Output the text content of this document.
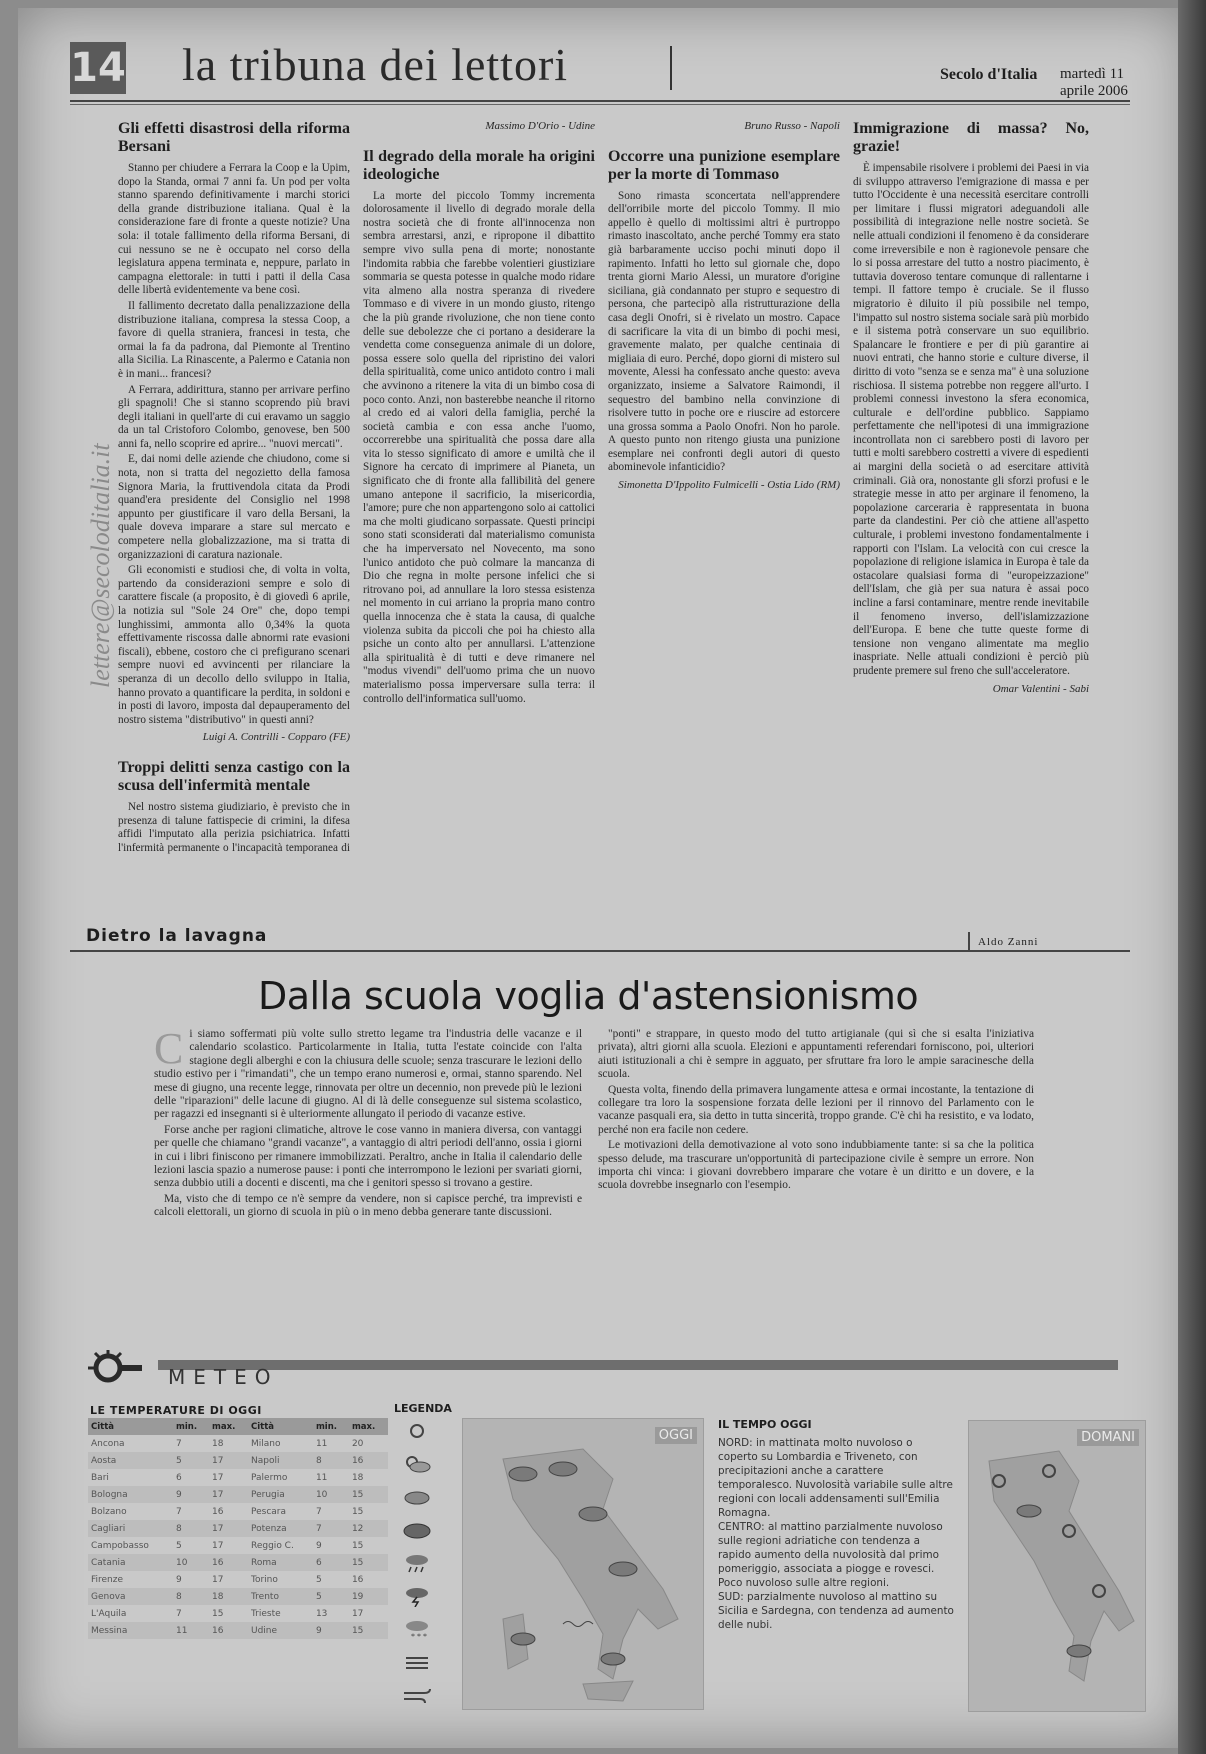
14 la tribuna dei lettori	Secolo d'Italia martedì 11 aprile 2006
lettere@secoloditalia.it
Gli effetti disastrosi della riforma Bersani

Stanno per chiudere a Ferrara la Coop e la Upim, dopo la Standa, ormai 7 anni fa. Un pod per volta stanno sparendo definitivamente i marchi storici della grande distribuzione italiana. Qual è la considerazione fare di fronte a queste notizie? Una sola: il totale fallimento della riforma Bersani, di cui nessuno se ne è occupato nel corso della legislatura appena terminata e, neppure, parlato in campagna elettorale: in tutti i patti il della Casa delle libertà evidentemente va bene così.

Il fallimento decretato dalla penalizzazione della distribuzione italiana, compresa la stessa Coop, a favore di quella straniera, francesi in testa, che ormai la fa da padrona, dal Piemonte al Trentino alla Sicilia. La Rinascente, a Palermo e Catania non è in mani... francesi?

A Ferrara, addirittura, stanno per arrivare perfino gli spagnoli! Che si stanno scoprendo più bravi degli italiani in quell'arte di cui eravamo un saggio da un tal Cristoforo Colombo, genovese, ben 500 anni fa, nello scoprire ed aprire... "nuovi mercati".

E, dai nomi delle aziende che chiudono, come si nota, non si tratta del negozietto della famosa Signora Maria, la fruttivendola citata da Prodi quand'era presidente del Consiglio nel 1998 appunto per giustificare il varo della Bersani, la quale doveva imparare a stare sul mercato e competere nella globalizzazione, ma si tratta di organizzazioni di caratura nazionale.

Gli economisti e studiosi che, di volta in volta, partendo da considerazioni sempre e solo di carattere fiscale (a proposito, è di giovedì 6 aprile, la notizia sul "Sole 24 Ore" che, dopo tempi lunghissimi, ammonta allo 0,34% la quota effettivamente riscossa dalle abnormi rate evasioni fiscali), ebbene, costoro che ci prefigurano scenari sempre nuovi ed avvincenti per rilanciare la speranza di un decollo dello sviluppo in Italia, hanno provato a quantificare la perdita, in soldoni e in posti di lavoro, imposta dal depauperamento del nostro sistema "distributivo" in questi anni?

Luigi A. Contrilli - Copparo (FE)
Troppi delitti senza castigo con la scusa dell'infermità mentale

Nel nostro sistema giudiziario, è previsto che in presenza di talune fattispecie di crimini, la difesa affidi l'imputato alla perizia psichiatrica. Infatti l'infermità permanente o l'incapacità temporanea di

Massimo D'Orio - Udine
Il degrado della morale ha origini ideologiche

La morte del piccolo Tommy incrementa dolorosamente il livello di degrado morale della nostra società che di fronte all'innocenza non sembra arrestarsi, anzi, e ripropone il dibattito sempre vivo sulla pena di morte; nonostante l'indomita rabbia che farebbe volentieri giustiziare sommaria se questa potesse in qualche modo ridare vita almeno alla nostra speranza di rivedere Tommaso e di vivere in un mondo giusto, ritengo che la più grande rivoluzione, che non tiene conto delle sue debolezze che ci portano a desiderare la vendetta come conseguenza animale di un dolore, possa essere solo quella del ripristino dei valori della spiritualità, come unico antidoto contro i mali che avvinono a ritenere la vita di un bimbo cosa di poco conto. Anzi, non basterebbe neanche il ritorno al credo ed ai valori della famiglia, perché la società cambia e con essa anche l'uomo, occorrerebbe una spiritualità che possa dare alla vita lo stesso significato di amore e umiltà che il Signore ha cercato di imprimere al Pianeta, un significato che di fronte alla fallibilità del genere umano antepone il sacrificio, la misericordia, l'amore; pure che non appartengono solo ai cattolici ma che molti giudicano sorpassate. Questi principi sono stati sconsiderati dal materialismo comunista che ha imperversato nel Novecento, ma sono l'unico antidoto che può colmare la mancanza di Dio che regna in molte persone infelici che si ritrovano poi, ad annullare la loro stessa esistenza nel momento in cui arriano la propria mano contro quella innocenza che è stata la causa, di qualche violenza subita da piccoli che poi ha chiesto alla psiche un conto alto per annullarsi. L'attenzione alla spiritualità è di tutti e deve rimanere nel "modus vivendi" dell'uomo prima che un nuovo materialismo possa imperversare sulla terra: il controllo dell'informatica sull'uomo.

Bruno Russo - Napoli
Occorre una punizione esemplare per la morte di Tommaso

Sono rimasta sconcertata nell'apprendere dell'orribile morte del piccolo Tommy. Il mio appello è quello di moltissimi altri è purtroppo rimasto inascoltato, anche perché Tommy era stato già barbaramente ucciso pochi minuti dopo il rapimento. Infatti ho letto sul giornale che, dopo trenta giorni Mario Alessi, un muratore d'origine siciliana, già condannato per stupro e sequestro di persona, che partecipò alla ristrutturazione della casa degli Onofri, si è rivelato un mostro. Capace di sacrificare la vita di un bimbo di pochi mesi, gravemente malato, per qualche centinaia di migliaia di euro. Perché, dopo giorni di mistero sul movente, Alessi ha confessato anche questo: aveva organizzato, insieme a Salvatore Raimondi, il sequestro del bambino nella convinzione di risolvere tutto in poche ore e riuscire ad estorcere una grossa somma a Paolo Onofri. Non ho parole. A questo punto non ritengo giusta una punizione esemplare nei confronti degli autori di questo abominevole infanticidio?

Simonetta D'Ippolito Fulmicelli - Ostia Lido (RM)
Immigrazione di massa? No, grazie!

È impensabile risolvere i problemi dei Paesi in via di sviluppo attraverso l'emigrazione di massa e per tutto l'Occidente è una necessità esercitare controlli per limitare i flussi migratori adeguandoli alle possibilità di integrazione nelle nostre società. Se nelle attuali condizioni il fenomeno è da considerare come irreversibile e non è ragionevole pensare che lo si possa arrestare del tutto a nostro piacimento, è tuttavia doveroso tentare comunque di rallentarne i tempi. Il fattore tempo è cruciale. Se il flusso migratorio è diluito il più possibile nel tempo, l'impatto sul nostro sistema sociale sarà più morbido e il sistema potrà conservare un suo equilibrio. Spalancare le frontiere e per di più garantire ai nuovi entrati, che hanno storie e culture diverse, il diritto di voto "senza se e senza ma" è una soluzione rischiosa. Il sistema potrebbe non reggere all'urto. I problemi connessi investono la sfera economica, culturale e dell'ordine pubblico. Sappiamo perfettamente che nell'ipotesi di una immigrazione incontrollata non ci sarebbero posti di lavoro per tutti e molti sarebbero costretti a vivere di espedienti ai margini della società o ad esercitare attività criminali. Già ora, nonostante gli sforzi profusi e le strategie messe in atto per arginare il fenomeno, la popolazione carceraria è rappresentata in buona parte da clandestini. Per ciò che attiene all'aspetto culturale, i problemi investono fondamentalmente i rapporti con l'Islam. La velocità con cui cresce la popolazione di religione islamica in Europa è tale da ostacolare qualsiasi forma di "europeizzazione" dell'Islam, che già per sua natura è assai poco incline a farsi contaminare, mentre rende inevitabile il fenomeno inverso, dell'islamizzazione dell'Europa. E bene che tutte queste forme di tensione non vengano alimentate ma meglio inaspriate. Nelle attuali condizioni è perciò più prudente premere sul freno che sull'acceleratore.

Omar Valentini - Sabi
Dietro la lavagna	Aldo Zanni
Dalla scuola voglia d'astensionismo
C i siamo soffermati più volte sullo stretto legame tra l'industria delle vacanze e il calendario scolastico. Particolarmente in Italia, tutta l'estate coincide con l'alta stagione degli alberghi e con la chiusura delle scuole; senza trascurare le lezioni dello studio estivo per i "rimandati", che un tempo erano numerosi e, ormai, stanno sparendo. Nel mese di giugno, una recente legge, rinnovata per oltre un decennio, non prevede più le lezioni delle "riparazioni" delle lacune di giugno. Al di là delle conseguenze sul sistema scolastico, per ragazzi ed insegnanti si è ulteriormente allungato il periodo di vacanze estive.

Forse anche per ragioni climatiche, altrove le cose vanno in maniera diversa, con vantaggi per quelle che chiamano "grandi vacanze", a vantaggio di altri periodi dell'anno, ossia i giorni in cui i libri finiscono per rimanere immobilizzati. Peraltro, anche in Italia il calendario delle lezioni lascia spazio a numerose pause: i ponti che interrompono le lezioni per svariati giorni, senza dubbio utili a docenti e discenti, ma che i genitori spesso si trovano a gestire.

Ma, visto che di tempo ce n'è sempre da vendere, non si capisce perché, tra imprevisti e calcoli elettorali, un giorno di scuola in più o in meno debba generare tante discussioni.

"ponti" e strappare, in questo modo del tutto artigianale (qui sì che si esalta l'iniziativa privata), altri giorni alla scuola. Elezioni e appuntamenti referendari forniscono, poi, ulteriori aiuti istituzionali a chi è sempre in agguato, per sfruttare fra loro le ampie saracinesche della scuola.

Questa volta, finendo della primavera lungamente attesa e ormai incostante, la tentazione di collegare tra loro la sospensione forzata delle lezioni per il rinnovo del Parlamento con le vacanze pasquali era, sia detto in tutta sincerità, troppo grande. C'è chi ha resistito, e va lodato, perché non era facile non cedere.

Le motivazioni della demotivazione al voto sono indubbiamente tante: si sa che la politica spesso delude, ma trascurare un'opportunità di partecipazione civile è sempre un errore. Non importa chi vinca: i giovani dovrebbero imparare che votare è un diritto e un dovere, e la scuola dovrebbe insegnarlo con l'esempio.

METEO
LE TEMPERATURE DI OGGI
Città	min.	max.	Città	min.	max.
Ancona	7	18	Milano	11	20
Aosta	5	17	Napoli	8	16
Bari	6	17	Palermo	11	18
Bologna	9	17	Perugia	10	15
Bolzano	7	16	Pescara	7	15
Cagliari	8	17	Potenza	7	12
Campobasso	5	17	Reggio C.	9	15
Catania	10	16	Roma	6	15
Firenze	9	17	Torino	5	16
Genova	8	18	Trento	5	19
L'Aquila	7	15	Trieste	13	17
Messina	11	16	Udine	9	15
LEGENDA

* * *

OGGI
IL TEMPO OGGI

NORD: in mattinata molto nuvoloso o coperto su Lombardia e Triveneto, con precipitazioni anche a carattere temporalesco. Nuvolosità variabile sulle altre regioni con locali addensamenti sull'Emilia Romagna.

CENTRO: al mattino parzialmente nuvoloso sulle regioni adriatiche con tendenza a rapido aumento della nuvolosità dal primo pomeriggio, associata a piogge e rovesci. Poco nuvoloso sulle altre regioni.

SUD: parzialmente nuvoloso al mattino su Sicilia e Sardegna, con tendenza ad aumento delle nubi.

DOMANI
